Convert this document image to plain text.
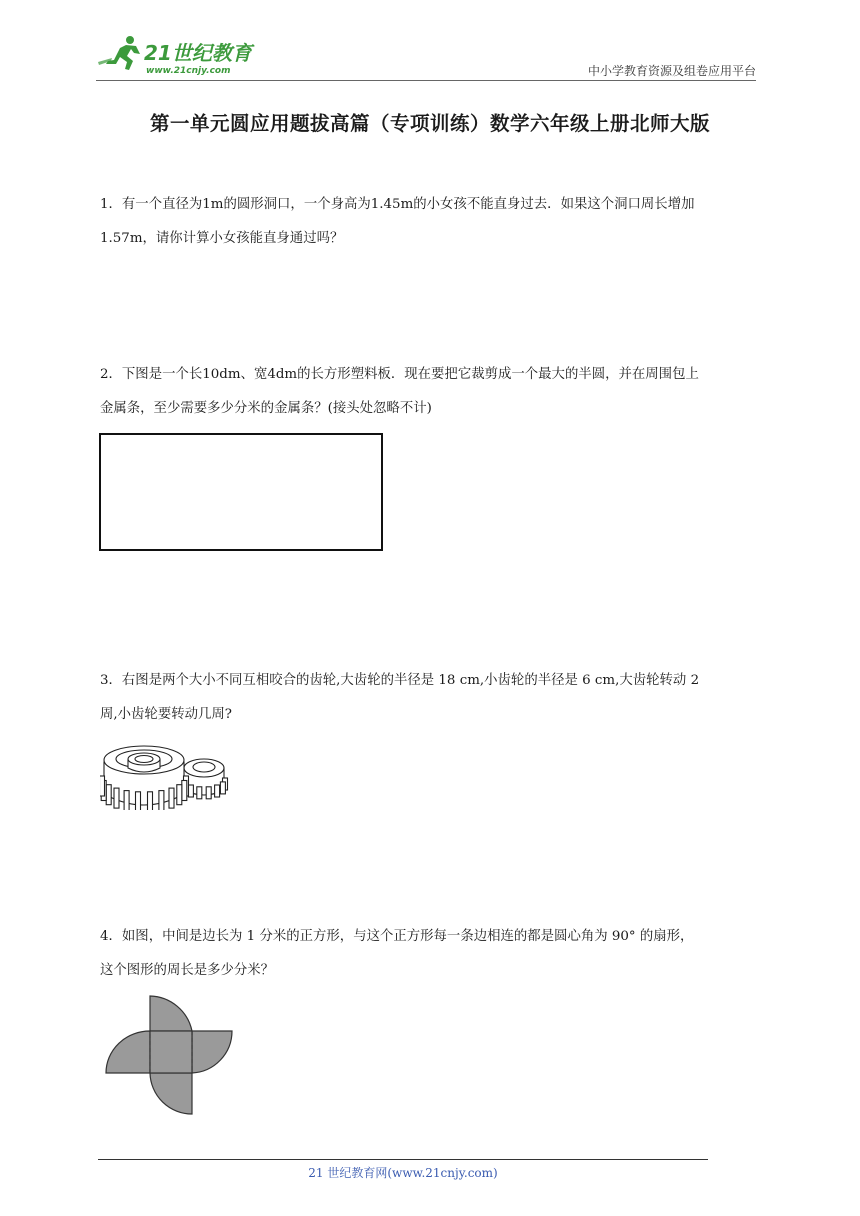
21世纪教育
www.21cnjy.com	中小学教育资源及组卷应用平台
第一单元圆应用题拔高篇（专项训练）数学六年级上册北师大版
1．有一个直径为1m的圆形洞口，一个身高为1.45m的小女孩不能直身过去．如果这个洞口周长增加
1.57m，请你计算小女孩能直身通过吗？
2．下图是一个长10dm、宽4dm的长方形塑料板．现在要把它裁剪成一个最大的半圆，并在周围包上
金属条，至少需要多少分米的金属条？(接头处忽略不计)
3．右图是两个大小不同互相咬合的齿轮,大齿轮的半径是 18 cm,小齿轮的半径是 6 cm,大齿轮转动 2
周,小齿轮要转动几周?
4．如图，中间是边长为 1 分米的正方形，与这个正方形每一条边相连的都是圆心角为 90° 的扇形，
这个图形的周长是多少分米？
21 世纪教育网(www.21cnjy.com)
